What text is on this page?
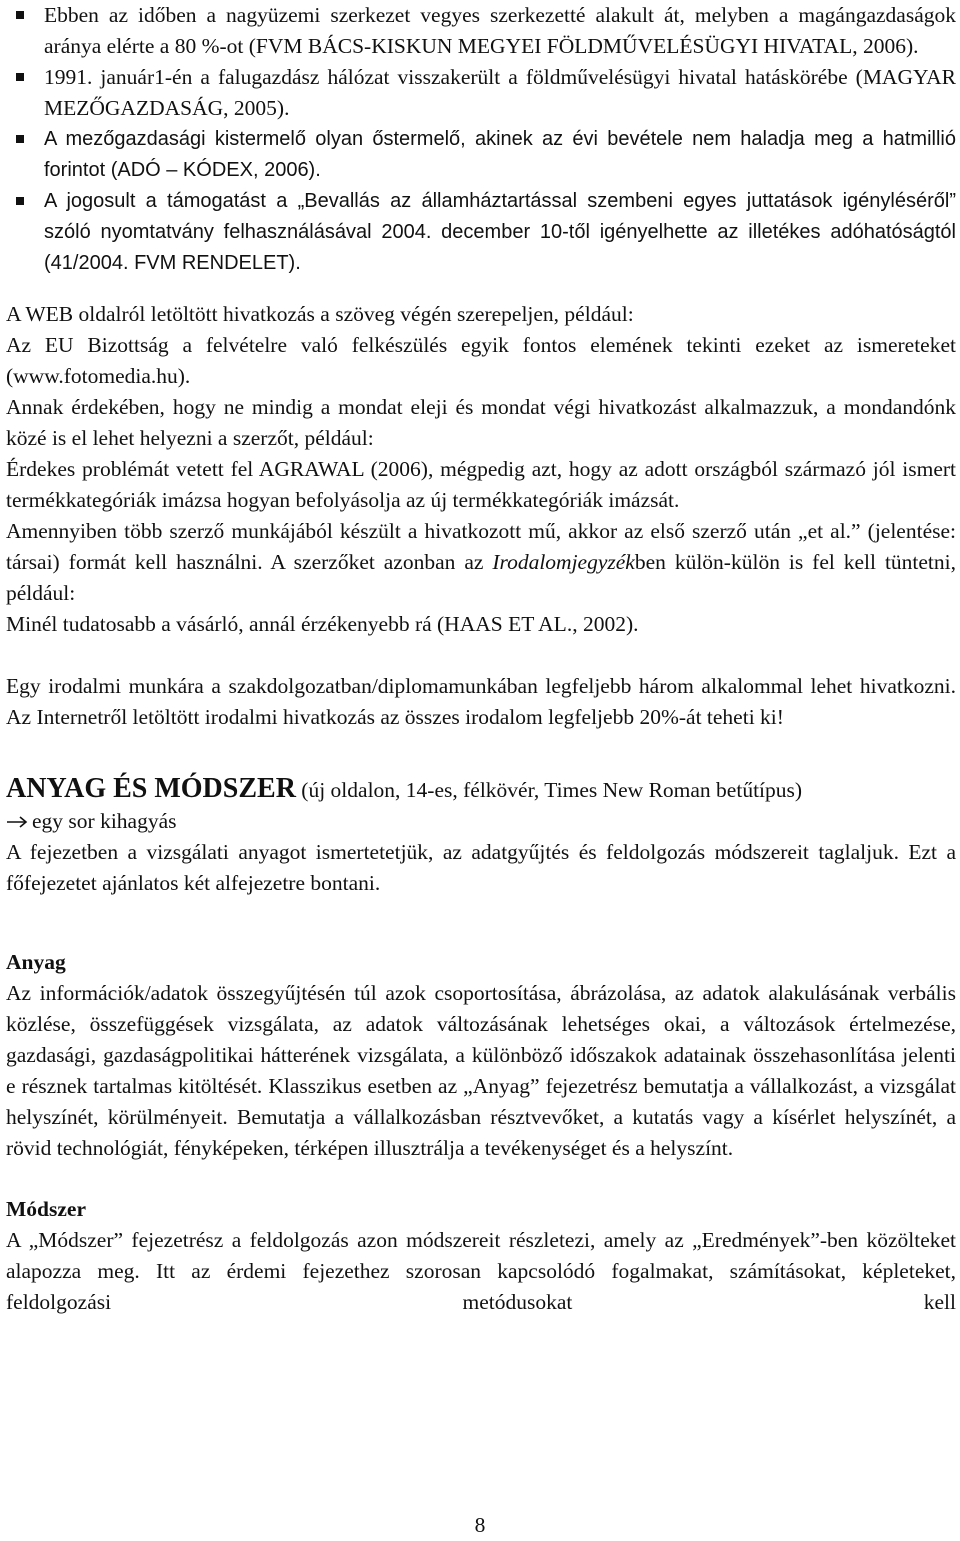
Ebben az időben a nagyüzemi szerkezet vegyes szerkezetté alakult át, melyben a magángazdaságok aránya elérte a 80 %-ot (FVM BÁCS-KISKUN MEGYEI FÖLDMŰVELÉSÜGYI HIVATAL, 2006).

1991. január1-én a falugazdász hálózat visszakerült a földművelésügyi hivatal hatáskörébe (MAGYAR MEZŐGAZDASÁG, 2005).

A mezőgazdasági kistermelő olyan őstermelő, akinek az évi bevétele nem haladja meg a hatmillió forintot (ADÓ – KÓDEX, 2006).

A jogosult a támogatást a „Bevallás az államháztartással szembeni egyes juttatások igényléséről” szóló nyomtatvány felhasználásával 2004. december 10-től igényelhette az illetékes adóhatóságtól (41/2004. FVM RENDELET).

A WEB oldalról letöltött hivatkozás a szöveg végén szerepeljen, például:

Az EU Bizottság a felvételre való felkészülés egyik fontos elemének tekinti ezeket az ismereteket (www.fotomedia.hu).

Annak érdekében, hogy ne mindig a mondat eleji és mondat végi hivatkozást alkalmazzuk, a mondandónk közé is el lehet helyezni a szerzőt, például:

Érdekes problémát vetett fel AGRAWAL (2006), mégpedig azt, hogy az adott országból származó jól ismert termékkategóriák imázsa hogyan befolyásolja az új termékkategóriák imázsát.

Amennyiben több szerző munkájából készült a hivatkozott mű, akkor az első szerző után „et al.” (jelentése: társai) formát kell használni. A szerzőket azonban az Irodalomjegyzékben külön-külön is fel kell tüntetni, például:

Minél tudatosabb a vásárló, annál érzékenyebb rá (HAAS ET AL., 2002).

Egy irodalmi munkára a szakdolgozatban/diplomamunkában legfeljebb három alkalommal lehet hivatkozni. Az Internetről letöltött irodalmi hivatkozás az összes irodalom legfeljebb 20%-át teheti ki!

ANYAG ÉS MÓDSZER (új oldalon, 14-es, félkövér, Times New Roman betűtípus)

egy sor kihagyás

A fejezetben a vizsgálati anyagot ismertetetjük, az adatgyűjtés és feldolgozás módszereit taglaljuk. Ezt a főfejezetet ajánlatos két alfejezetre bontani.

Anyag

Az információk/adatok összegyűjtésén túl azok csoportosítása, ábrázolása, az adatok alakulásának verbális közlése, összefüggések vizsgálata, az adatok változásának lehetséges okai, a változások értelmezése, gazdasági, gazdaságpolitikai hátterének vizsgálata, a különböző időszakok adatainak összehasonlítása jelenti e résznek tartalmas kitöltését. Klasszikus esetben az „Anyag” fejezetrész bemutatja a vállalkozást, a vizsgálat helyszínét, körülményeit. Bemutatja a vállalkozásban résztvevőket, a kutatás vagy a kísérlet helyszínét, a rövid technológiát, fényképeken, térképen illusztrálja a tevékenységet és a helyszínt.

Módszer

A „Módszer” fejezetrész a feldolgozás azon módszereit részletezi, amely az „Eredmények”-ben közölteket alapozza meg. Itt az érdemi fejezethez szorosan kapcsolódó fogalmakat, számításokat, képleteket, feldolgozási metódusokat kell

8
